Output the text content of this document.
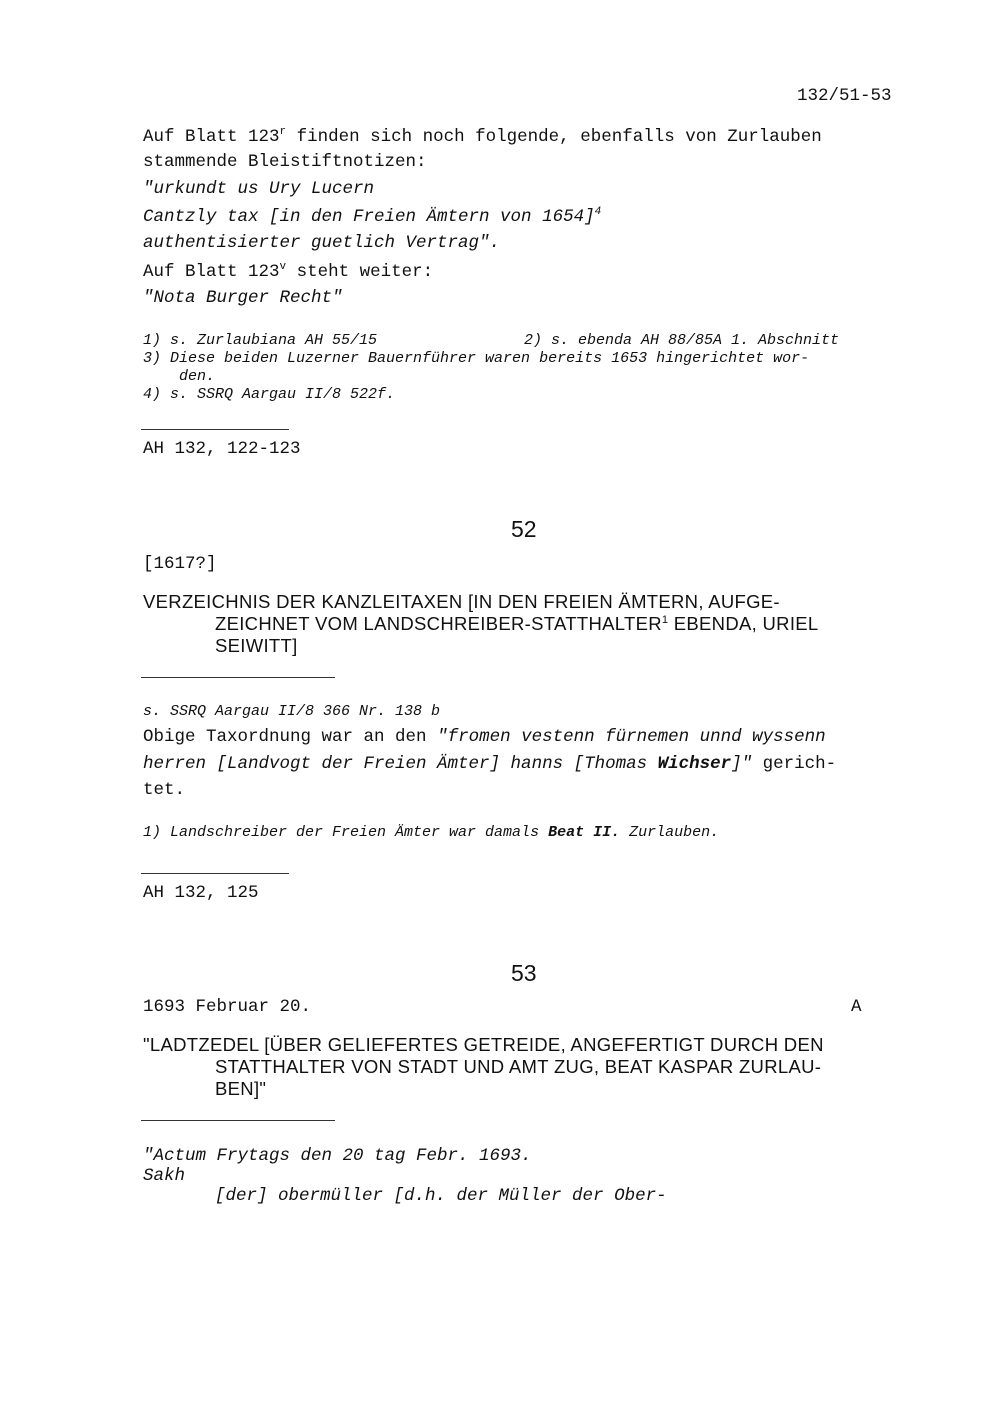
132/51-53
Auf Blatt 123$^r$ finden sich noch folgende, ebenfalls von Zurlauben
stammende Bleistiftnotizen:
"urkundt us Ury Lucern
Cantzly tax [in den Freien Ämtern von 1654]$^4$
authentisierter guetlich Vertrag".
Auf Blatt 123$^v$ steht weiter:
"Nota Burger Recht"
1) s. Zurlaubiana AH 55/15	2) s. ebenda AH 88/85A 1. Abschnitt
3) Diese beiden Luzerner Bauernführer waren bereits 1653 hingerichtet wor-
den.
4) s. SSRQ Aargau II/8 522f.
AH 132, 122-123
52
[1617?]
VERZEICHNIS DER KANZLEITAXEN [IN DEN FREIEN ÄMTERN, AUFGE-
ZEICHNET VOM LANDSCHREIBER-STATTHALTER$^1$ EBENDA, URIEL
SEIWITT]
s. SSRQ Aargau II/8 366 Nr. 138 b
Obige Taxordnung war an den "fromen vestenn fürnemen unnd wyssenn
herren [Landvogt der Freien Ämter] hanns [Thomas Wichser]" gerich-
tet.
1) Landschreiber der Freien Ämter war damals Beat II. Zurlauben.
AH 132, 125
53
1693 Februar 20.	A
"LADTZEDEL [ÜBER GELIEFERTES GETREIDE, ANGEFERTIGT DURCH DEN
STATTHALTER VON STADT UND AMT ZUG, BEAT KASPAR ZURLAU-
BEN]"
"Actum Frytags den 20 tag Febr. 1693.
Sakh
[der] obermüller [d.h. der Müller der Ober-
